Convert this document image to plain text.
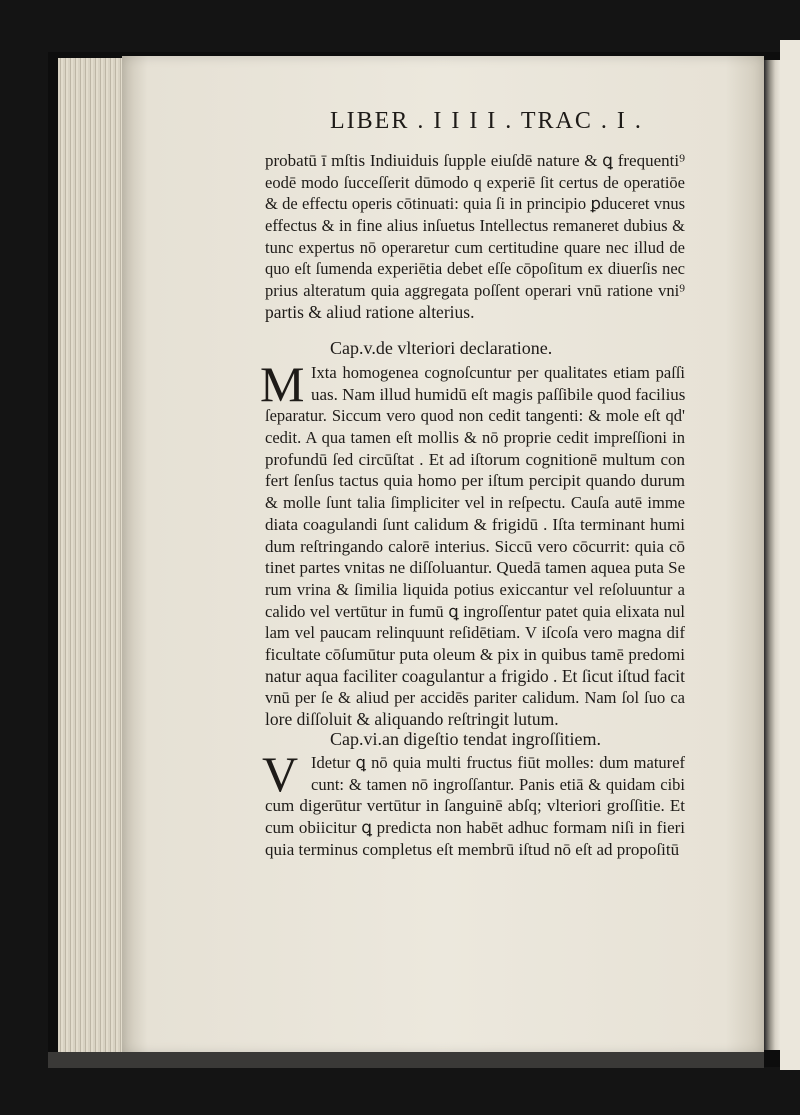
LIBER . I I I I . TRAC . I .
probatū ī mſtis Indiuiduis ſupple eiuſdē nature & ꝗ frequenti⁹
eodē modo ſucceſſerit dūmodo q experiē ſit certus de operatiōe
& de effectu operis cōtinuati: quia ſi in principio ꝑduceret vnus
effectus & in fine alius inſuetus Intellectus remaneret dubius &
tunc expertus nō operaretur cum certitudine quare nec illud de
quo eſt ſumenda experiētia debet eſſe cōpoſitum ex diuerſis nec
prius alteratum quia aggregata poſſent operari vnū ratione vni⁹
partis & aliud ratione alterius.
Cap.v.de vlteriori declaratione.
M Ixta homogenea cognoſcuntur per qualitates etiam paſſi
uas. Nam illud humidū eſt magis paſſibile quod facilius
ſeparatur. Siccum vero quod non cedit tangenti: & mole eſt qd'
cedit. A qua tamen eſt mollis & nō proprie cedit impreſſioni in
profundū ſed circūſtat . Et ad iſtorum cognitionē multum con
fert ſenſus tactus quia homo per iſtum percipit quando durum
& molle ſunt talia ſimpliciter vel in reſpectu. Cauſa autē imme
diata coagulandi ſunt calidum & frigidū . Iſta terminant humi
dum reſtringando calorē interius. Siccū vero cōcurrit: quia cō
tinet partes vnitas ne diſſoluantur. Quedā tamen aquea puta Se
rum vrina & ſimilia liquida potius exiccantur vel reſoluuntur a
calido vel vertūtur in fumū ꝗ ingroſſentur patet quia elixata nul
lam vel paucam relinquunt reſidētiam. V iſcoſa vero magna dif
ficultate cōſumūtur puta oleum & pix in quibus tamē predomi
natur aqua faciliter coagulantur a frigido . Et ſicut iſtud facit
vnū per ſe & aliud per accidēs pariter calidum. Nam ſol ſuo ca
lore diſſoluit & aliquando reſtringit lutum.
Cap.vi.an digeſtio tendat ingroſſitiem.
V Idetur ꝗ nō quia multi fructus fiūt molles: dum maturef
cunt: & tamen nō ingroſſantur. Panis etiā & quidam cibi
cum digerūtur vertūtur in ſanguinē abſq; vlteriori groſſitie. Et
cum obiicitur ꝗ predicta non habēt adhuc formam niſi in fieri
quia terminus completus eſt membrū iſtud nō eſt ad propoſitū
